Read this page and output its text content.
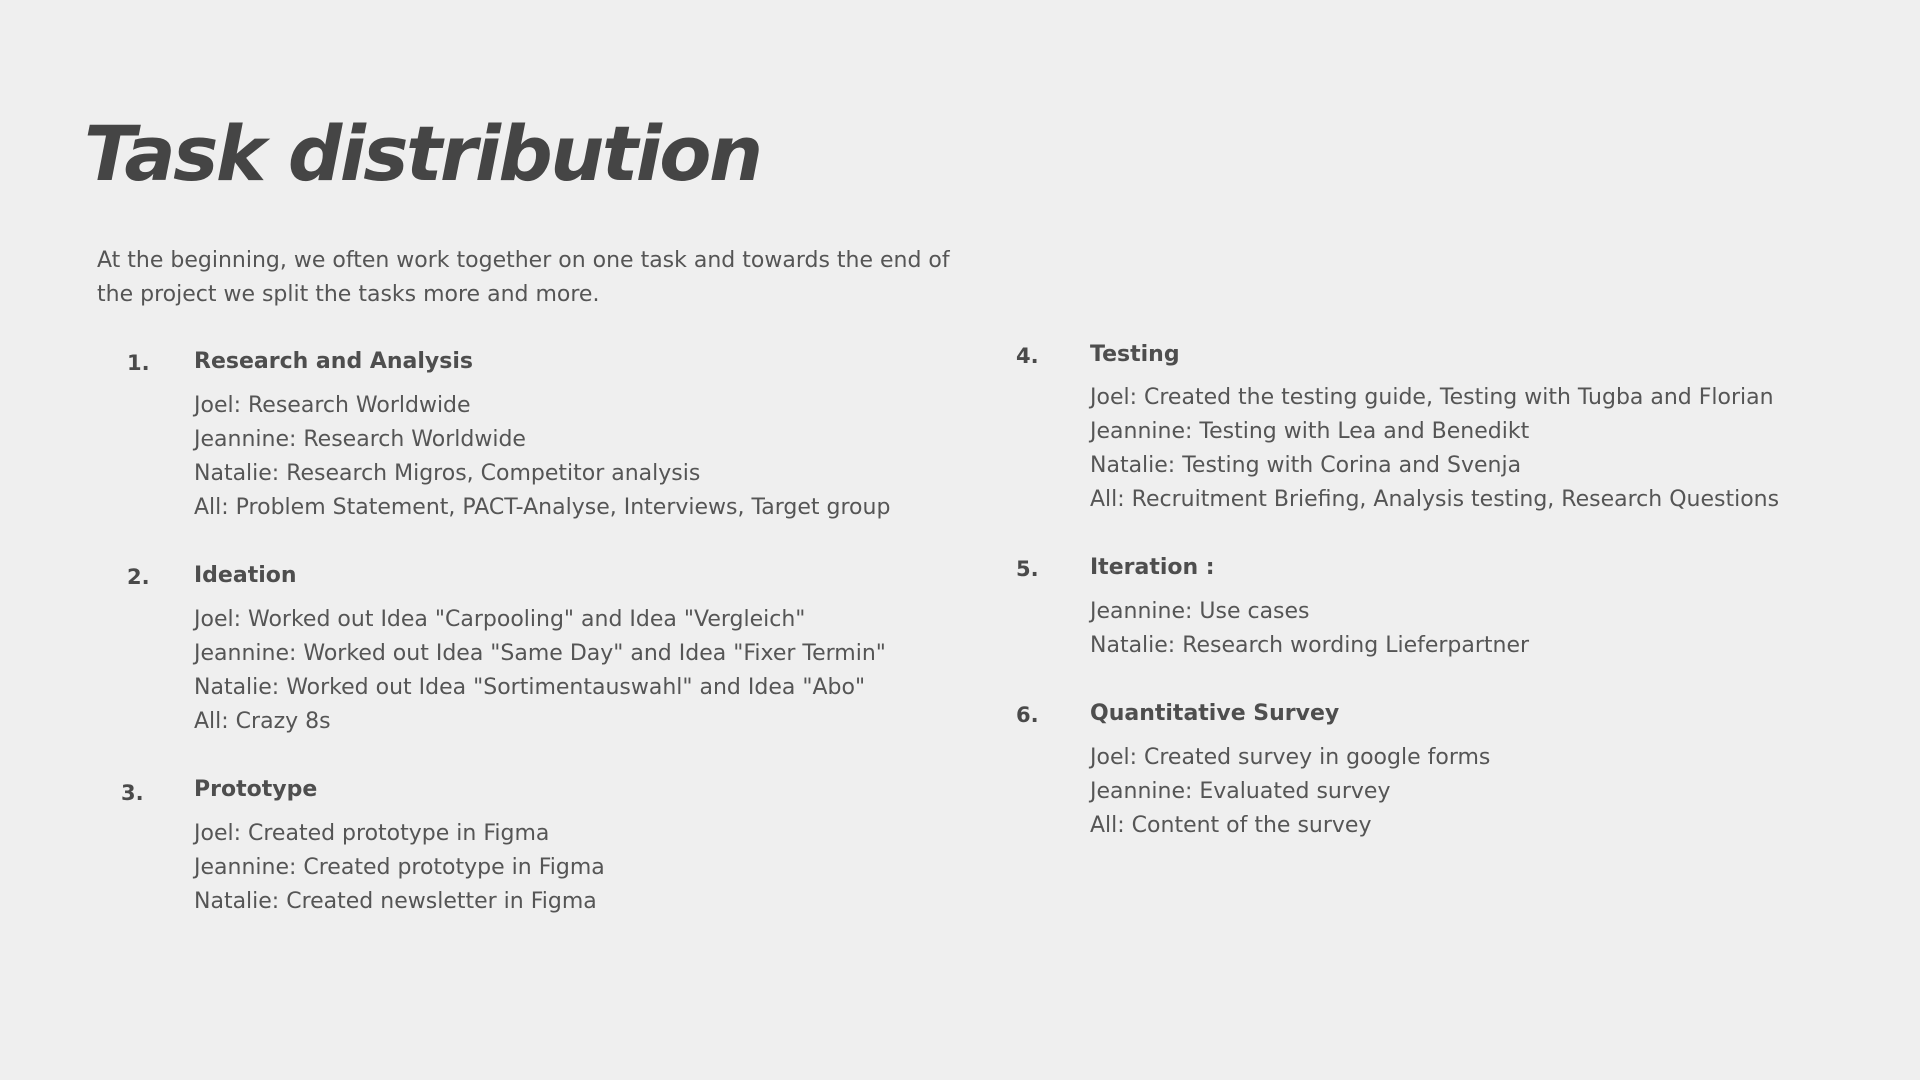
Task distribution

At the beginning, we often work together on one task and towards the end of the project we split the tasks more and more.

1. Research and Analysis
Joel: Research Worldwide
Jeannine: Research Worldwide
Natalie: Research Migros, Competitor analysis
All: Problem Statement, PACT-Analyse, Interviews, Target group
2. Ideation
Joel: Worked out Idea "Carpooling" and Idea "Vergleich"
Jeannine: Worked out Idea "Same Day" and Idea "Fixer Termin"
Natalie: Worked out Idea "Sortimentauswahl" and Idea "Abo"
All: Crazy 8s
3. Prototype
Joel: Created prototype in Figma
Jeannine: Created prototype in Figma
Natalie: Created newsletter in Figma
4. Testing
Joel: Created the testing guide, Testing with Tugba and Florian
Jeannine: Testing with Lea and Benedikt
Natalie: Testing with Corina and Svenja
All: Recruitment Briefing, Analysis testing, Research Questions
5. Iteration :
Jeannine: Use cases
Natalie: Research wording Lieferpartner
6. Quantitative Survey
Joel: Created survey in google forms
Jeannine: Evaluated survey
All: Content of the survey
